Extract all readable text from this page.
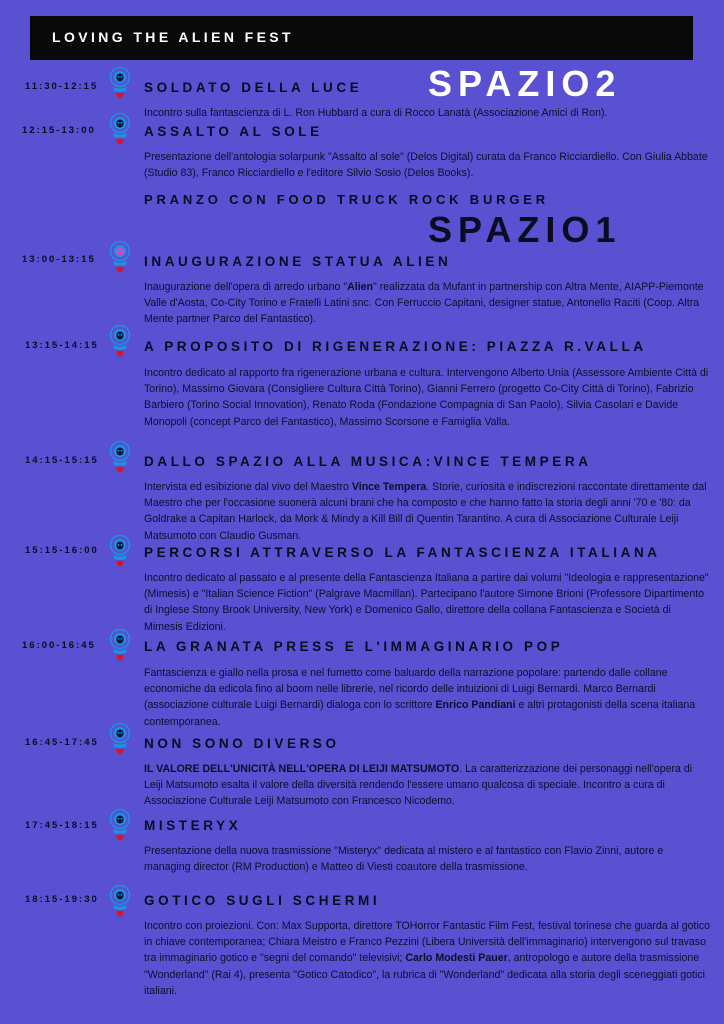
LOVING THE ALIEN FEST
SPAZIO2
PRANZO CON FOOD TRUCK ROCK BURGER
SPAZIO1
11:30-12:15	SOLDATO DELLA LUCE
Incontro sulla fantascienza di L. Ron Hubbard a cura di Rocco Lanatà (Associazione Amici di Ron).
12:15-13:00	ASSALTO AL SOLE
Presentazione dell'antologia solarpunk "Assalto al sole" (Delos Digital) curata da Franco Ricciardiello. Con Giulia Abbate (Studio 83), Franco Ricciardiello e l'editore Silvio Sosio (Delos Books).
13:00-13:15	INAUGURAZIONE STATUA ALIEN
Inaugurazione dell'opera di arredo urbano "Alien" realizzata da Mufant in partnership con Altra Mente, AIAPP-Piemonte Valle d'Aosta, Co-City Torino e Fratelli Latini snc. Con Ferruccio Capitani, designer statue, Antonello Raciti (Coop. Altra Mente partner Parco del Fantastico).
13:15-14:15	A PROPOSITO DI RIGENERAZIONE: PIAZZA R.VALLA
Incontro dedicato al rapporto fra rigenerazione urbana e cultura. Intervengono Alberto Unia (Assessore Ambiente Città di Torino), Massimo Giovara (Consigliere Cultura Città Torino), Gianni Ferrero (progetto Co-City Città di Torino), Fabrizio Barbiero (Torino Social Innovation), Renato Roda (Fondazione Compagnia di San Paolo), Silvia Casolari e Davide Monopoli (concept Parco del Fantastico), Massimo Scorsone e Famiglia Valla.
14:15-15:15	DALLO SPAZIO ALLA MUSICA:VINCE TEMPERA
Intervista ed esibizione dal vivo del Maestro Vince Tempera. Storie, curiosità e indiscrezioni raccontate direttamente dal Maestro che per l'occasione suonerà alcuni brani che ha composto e che hanno fatto la storia degli anni '70 e '80: da Goldrake a Capitan Harlock, da Mork & Mindy a Kill Bill di Quentin Tarantino. A cura di Associazione Culturale Leiji Matsumoto con Claudio Gusman.
15:15-16:00	PERCORSI ATTRAVERSO LA FANTASCIENZA ITALIANA
Incontro dedicato al passato e al presente della Fantascienza Italiana a partire dai volumi "Ideologia e rappresentazione" (Mimesis) e "Italian Science Fiction" (Palgrave Macmillan). Partecipano l'autore Simone Brioni (Professore Dipartimento di Inglese Stony Brook University, New York) e Domenico Gallo, direttore della collana Fantascienza e Società di Mimesis Edizioni.
16:00-16:45	LA GRANATA PRESS E L'IMMAGINARIO POP
Fantascienza e giallo nella prosa e nel fumetto come baluardo della narrazione popolare: partendo dalle collane economiche da edicola fino al boom nelle librerie, nel ricordo delle intuizioni di Luigi Bernardi. Marco Bernardi (associazione culturale Luigi Bernardi) dialoga con lo scrittore Enrico Pandiani e altri protagonisti della scena italiana contemporanea.
16:45-17:45	NON SONO DIVERSO
IL VALORE DELL'UNICITÀ NELL'OPERA DI LEIJI MATSUMOTO. La caratterizzazione dei personaggi nell'opera di Leiji Matsumoto esalta il valore della diversità rendendo l'essere umano qualcosa di speciale. Incontro a cura di Associazione Culturale Leiji Matsumoto con Francesco Nicodemo.
17:45-18:15	MISTERYX
Presentazione della nuova trasmissione "Misteryx" dedicata al mistero e al fantastico con Flavio Zinni, autore e managing director (RM Production) e Matteo di Viesti coautore della trasmissione.
18:15-19:30	GOTICO SUGLI SCHERMI
Incontro con proiezioni. Con: Max Supporta, direttore TOHorror Fantastic Film Fest, festival torinese che guarda al gotico in chiave contemporanea; Chiara Meistro e Franco Pezzini (Libera Università dell'immaginario) intervengono sul travaso tra immaginario gotico e "segni del comando" televisivi; Carlo Modesti Pauer, antropologo e autore della trasmissione "Wonderland" (Rai 4), presenta "Gotico Catodico", la rubrica di "Wonderland" dedicata alla storia degli sceneggiati gotici italiani.
